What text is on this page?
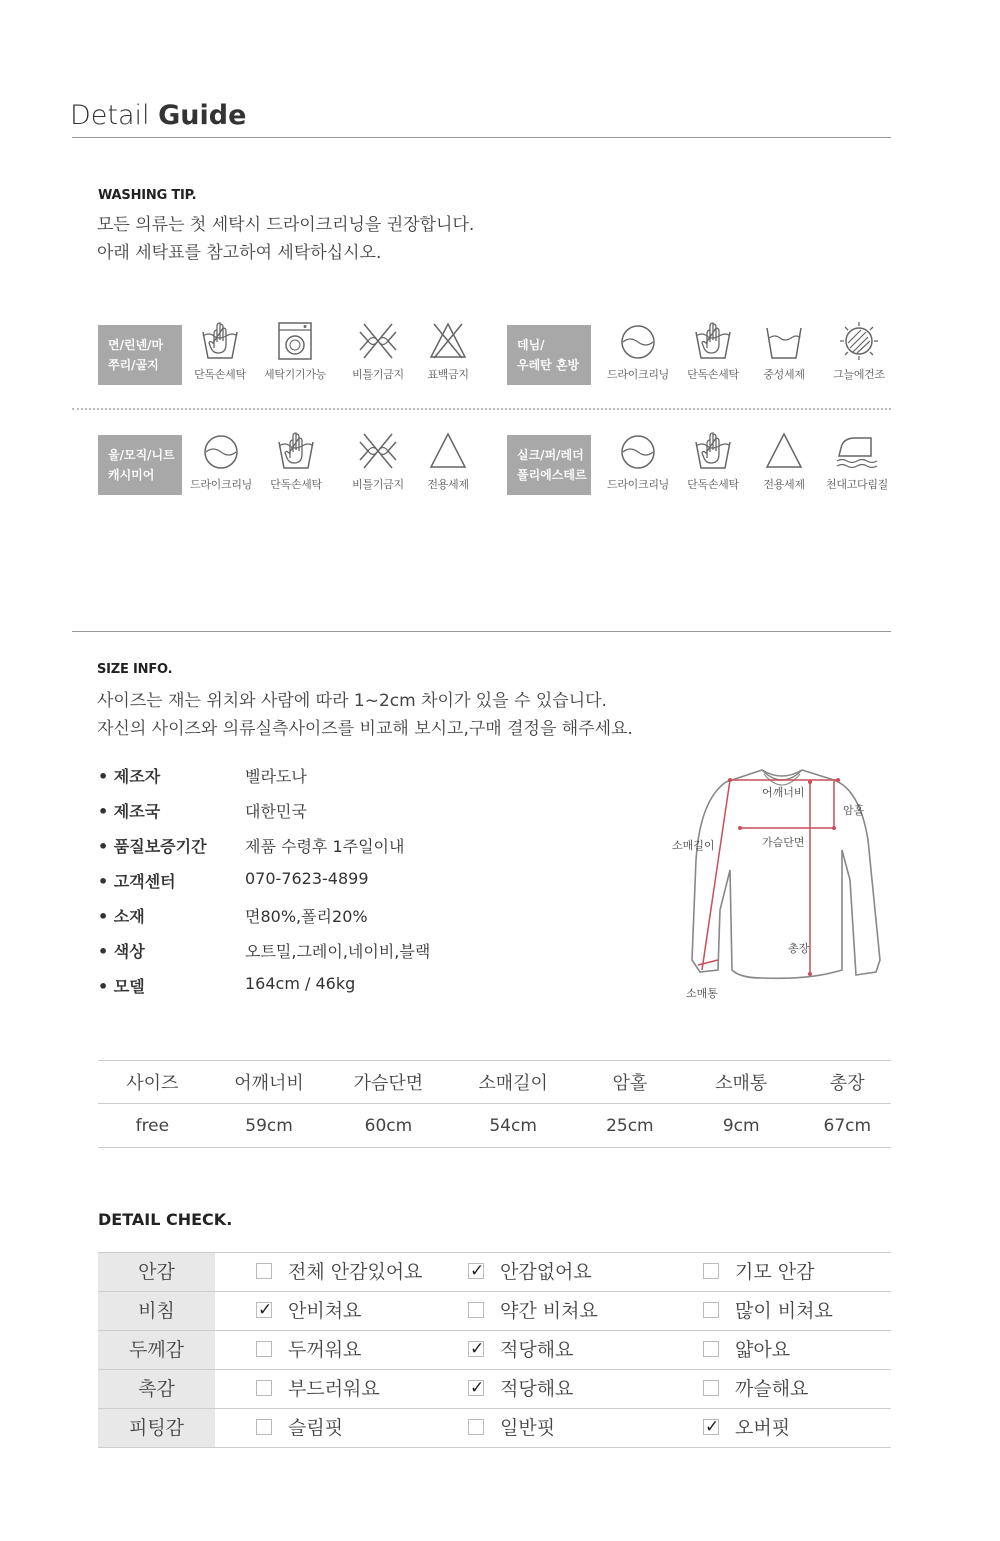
Detail Guide
WASHING TIP.
모든 의류는 첫 세탁시 드라이크리닝을 권장합니다.
아래 세탁표를 참고하여 세탁하십시오.
면/린넨/마
쭈리/골지
단독손세탁	세탁기기가능	비틀기금지	표백금지
데님/
우레탄 혼방
드라이크리닝	단독손세탁	중성세제	그늘에건조
울/모직/니트
캐시미어
드라이크리닝	단독손세탁	비틀기금지	전용세제
실크/퍼/레더
폴리에스테르
드라이크리닝	단독손세탁	전용세제	천대고다림질
SIZE INFO.
사이즈는 재는 위치와 사람에 따라 1~2cm 차이가 있을 수 있습니다.
자신의 사이즈와 의류실측사이즈를 비교해 보시고,구매 결정을 해주세요.
• 제조자	벨라도나
• 제조국	대한민국
• 품질보증기간	제품 수령후 1주일이내
• 고객센터	070-7623-4899
• 소재	면80%,폴리20%
• 색상	오트밀,그레이,네이비,블랙
• 모델	164cm / 46kg
어깨너비
암홀
소매길이	가슴단면
총장
소매통
사이즈	어깨너비	가슴단면	소매길이	암홀	소매통	총장
free	59cm	60cm	54cm	25cm	9cm	67cm
DETAIL CHECK.
안감	전체 안감있어요	✓ 안감없어요	기모 안감
비침	✓ 안비쳐요	약간 비쳐요	많이 비쳐요
두께감	두꺼워요	✓ 적당해요	얇아요
촉감	부드러워요	✓ 적당해요	까슬해요
피팅감	슬림핏	일반핏	✓ 오버핏
